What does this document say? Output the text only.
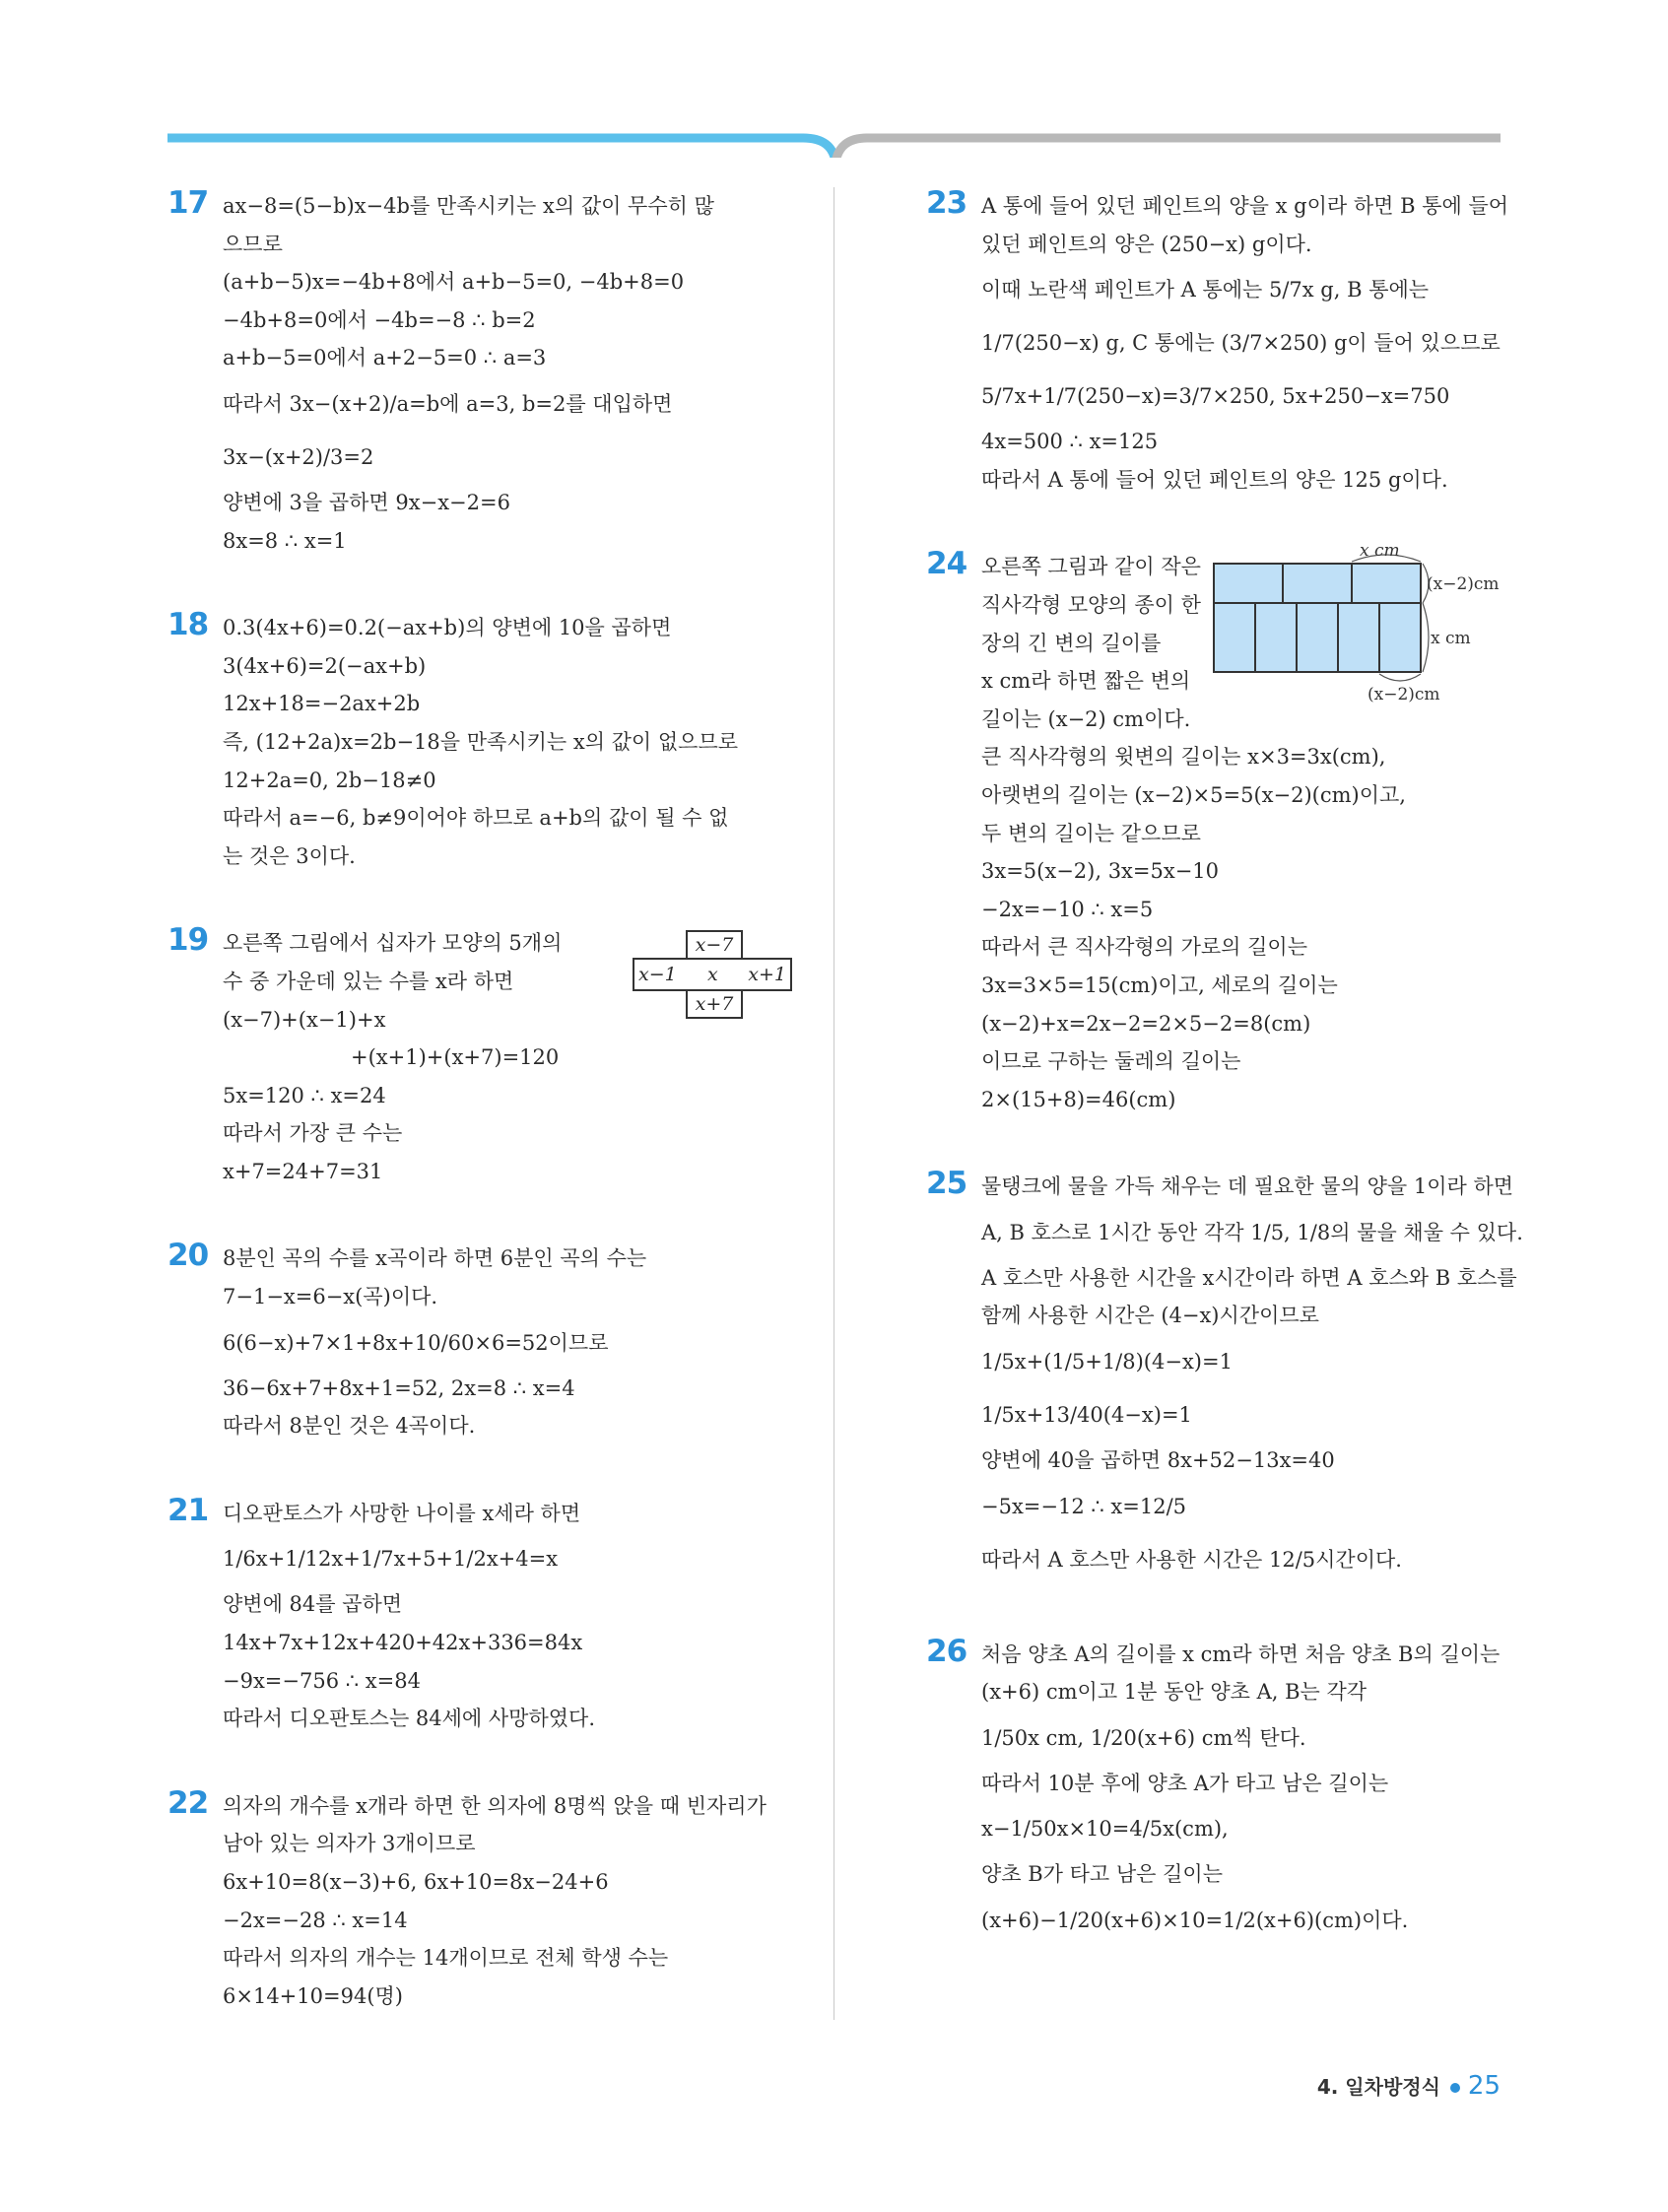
17 ax−8=(5−b)x−4b를 만족시키는 x의 값이 무수히 많
으므로
(a+b−5)x=−4b+8에서 a+b−5=0, −4b+8=0
−4b+8=0에서 −4b=−8 ∴ b=2
a+b−5=0에서 a+2−5=0 ∴ a=3
따라서 3x−(x+2)/a=b에 a=3, b=2를 대입하면
3x−(x+2)/3=2
양변에 3을 곱하면 9x−x−2=6
8x=8 ∴ x=1
18 0.3(4x+6)=0.2(−ax+b)의 양변에 10을 곱하면
3(4x+6)=2(−ax+b)
12x+18=−2ax+2b
즉, (12+2a)x=2b−18을 만족시키는 x의 값이 없으므로
12+2a=0, 2b−18≠0
따라서 a=−6, b≠9이어야 하므로 a+b의 값이 될 수 없
는 것은 3이다.
19 오른쪽 그림에서 십자가 모양의 5개의
수 중 가운데 있는 수를 x라 하면
(x−7)+(x−1)+x
+(x+1)+(x+7)=120
5x=120 ∴ x=24
따라서 가장 큰 수는
x+7=24+7=31
x−7
x−1 x x+1
x+7
20 8분인 곡의 수를 x곡이라 하면 6분인 곡의 수는
7−1−x=6−x(곡)이다.
6(6−x)+7×1+8x+10/60×6=52이므로
36−6x+7+8x+1=52, 2x=8 ∴ x=4
따라서 8분인 것은 4곡이다.
21 디오판토스가 사망한 나이를 x세라 하면
1/6x+1/12x+1/7x+5+1/2x+4=x
양변에 84를 곱하면
14x+7x+12x+420+42x+336=84x
−9x=−756 ∴ x=84
따라서 디오판토스는 84세에 사망하였다.
22 의자의 개수를 x개라 하면 한 의자에 8명씩 앉을 때 빈자리가
남아 있는 의자가 3개이므로
6x+10=8(x−3)+6, 6x+10=8x−24+6
−2x=−28 ∴ x=14
따라서 의자의 개수는 14개이므로 전체 학생 수는
6×14+10=94(명)
23 A 통에 들어 있던 페인트의 양을 x g이라 하면 B 통에 들어
있던 페인트의 양은 (250−x) g이다.
이때 노란색 페인트가 A 통에는 5/7x g, B 통에는
1/7(250−x) g, C 통에는 (3/7×250) g이 들어 있으므로
5/7x+1/7(250−x)=3/7×250, 5x+250−x=750
4x=500 ∴ x=125
따라서 A 통에 들어 있던 페인트의 양은 125 g이다.
24 오른쪽 그림과 같이 작은
직사각형 모양의 종이 한
장의 긴 변의 길이를
x cm라 하면 짧은 변의
길이는 (x−2) cm이다.
큰 직사각형의 윗변의 길이는 x×3=3x(cm),
아랫변의 길이는 (x−2)×5=5(x−2)(cm)이고,
두 변의 길이는 같으므로
3x=5(x−2), 3x=5x−10
−2x=−10 ∴ x=5
따라서 큰 직사각형의 가로의 길이는
3x=3×5=15(cm)이고, 세로의 길이는
(x−2)+x=2x−2=2×5−2=8(cm)
이므로 구하는 둘레의 길이는
2×(15+8)=46(cm)
x cm
(x−2)cm
x cm
(x−2)cm
25 물탱크에 물을 가득 채우는 데 필요한 물의 양을 1이라 하면
A, B 호스로 1시간 동안 각각 1/5, 1/8의 물을 채울 수 있다.
A 호스만 사용한 시간을 x시간이라 하면 A 호스와 B 호스를
함께 사용한 시간은 (4−x)시간이므로
1/5x+(1/5+1/8)(4−x)=1
1/5x+13/40(4−x)=1
양변에 40을 곱하면 8x+52−13x=40
−5x=−12 ∴ x=12/5
따라서 A 호스만 사용한 시간은 12/5시간이다.
26 처음 양초 A의 길이를 x cm라 하면 처음 양초 B의 길이는
(x+6) cm이고 1분 동안 양초 A, B는 각각
1/50x cm, 1/20(x+6) cm씩 탄다.
따라서 10분 후에 양초 A가 타고 남은 길이는
x−1/50x×10=4/5x(cm),
양초 B가 타고 남은 길이는
(x+6)−1/20(x+6)×10=1/2(x+6)(cm)이다.
4. 일차방정식 25
